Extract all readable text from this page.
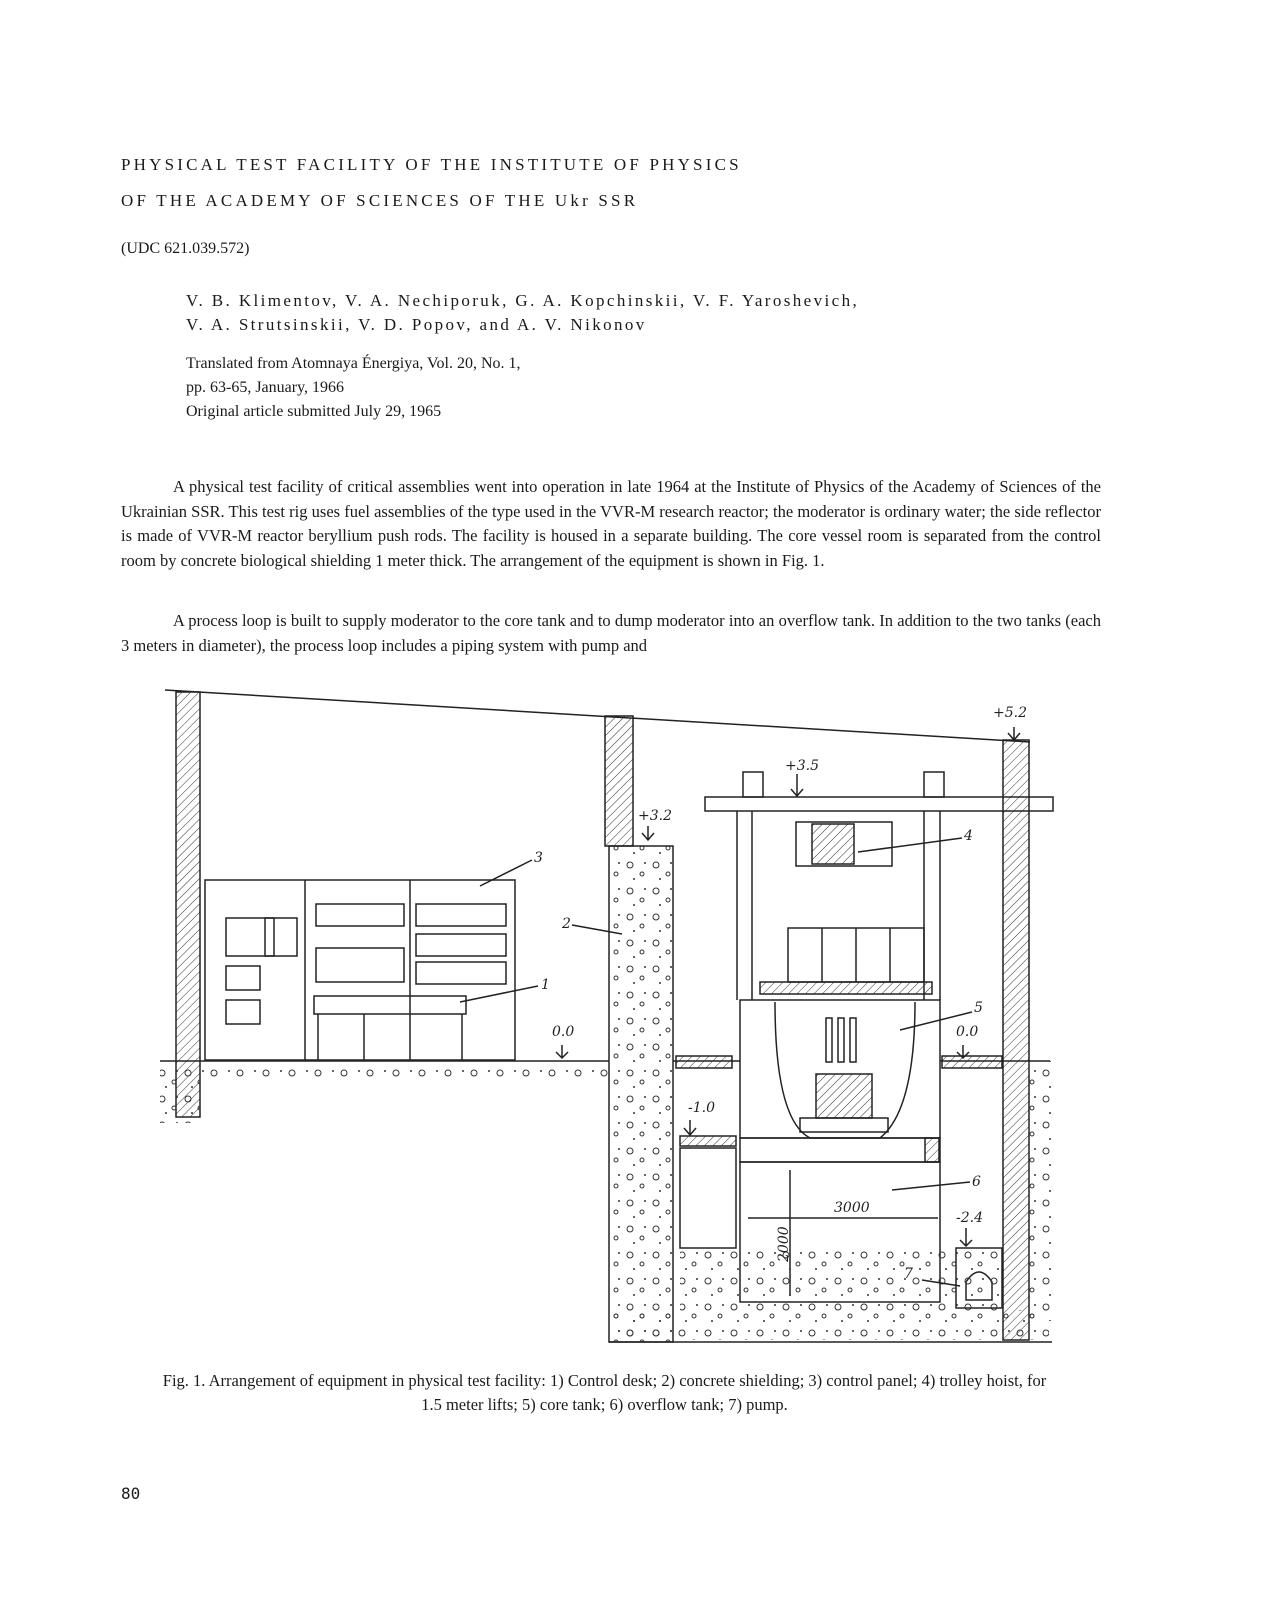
PHYSICAL TEST FACILITY OF THE INSTITUTE OF PHYSICS
OF THE ACADEMY OF SCIENCES OF THE Ukr SSR
(UDC 621.039.572)
V. B. Klimentov, V. A. Nechiporuk, G. A. Kopchinskii, V. F. Yaroshevich,
V. A. Strutsinskii, V. D. Popov, and A. V. Nikonov
Translated from Atomnaya Énergiya, Vol. 20, No. 1,
pp. 63-65, January, 1966
Original article submitted July 29, 1965

A physical test facility of critical assemblies went into operation in late 1964 at the Institute of Physics of the Academy of Sciences of the Ukrainian SSR. This test rig uses fuel assemblies of the type used in the VVR-M research reactor; the moderator is ordinary water; the side reflector is made of VVR-M reactor beryllium push rods. The facility is housed in a separate building. The core vessel room is separated from the control room by concrete biological shielding 1 meter thick. The arrangement of the equipment is shown in Fig. 1.

A process loop is built to supply moderator to the core tank and to dump moderator into an overflow tank. In addition to the two tanks (each 3 meters in diameter), the process loop includes a piping system with pump and

+5.2
+3.5
+3.2
0.0	0.0
-1.0
-2.4
3000
2000
1
2
3
4
5
6
7
Fig. 1. Arrangement of equipment in physical test facility: 1) Control desk; 2) concrete shielding; 3) control panel; 4) trolley hoist, for 1.5 meter lifts; 5) core tank; 6) overflow tank; 7) pump.
80
